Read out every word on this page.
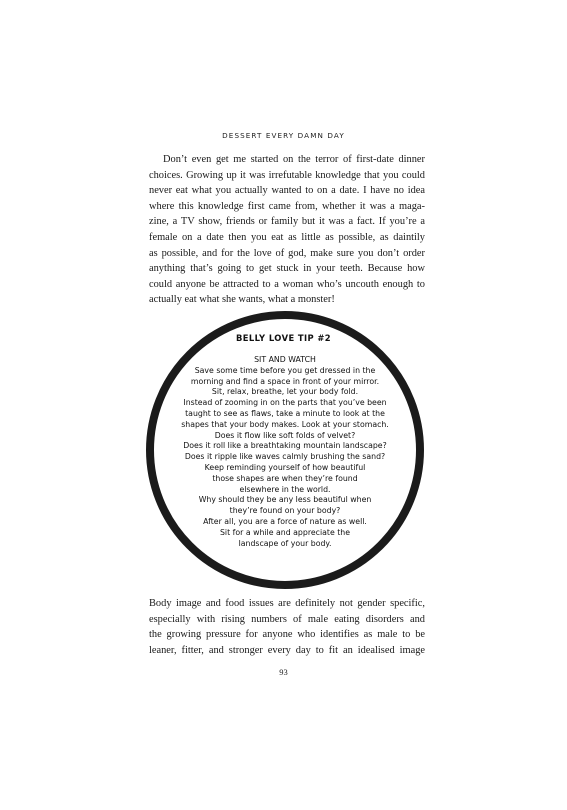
DESSERT EVERY DAMN DAY
Don’t even get me started on the terror of first-date dinner
choices. Growing up it was irrefutable knowledge that you could
never eat what you actually wanted to on a date. I have no idea
where this knowledge first came from, whether it was a maga-
zine, a TV show, friends or family but it was a fact. If you’re a
female on a date then you eat as little as possible, as daintily
as possible, and for the love of god, make sure you don’t order
anything that’s going to get stuck in your teeth. Because how
could anyone be attracted to a woman who’s uncouth enough to
actually eat what she wants, what a monster!
BELLY LOVE TIP #2
SIT AND WATCH
Save some time before you get dressed in the
morning and find a space in front of your mirror.
Sit, relax, breathe, let your body fold.
Instead of zooming in on the parts that you’ve been
taught to see as flaws, take a minute to look at the
shapes that your body makes. Look at your stomach.
Does it flow like soft folds of velvet?
Does it roll like a breathtaking mountain landscape?
Does it ripple like waves calmly brushing the sand?
Keep reminding yourself of how beautiful
those shapes are when they’re found
elsewhere in the world.
Why should they be any less beautiful when
they’re found on your body?
After all, you are a force of nature as well.
Sit for a while and appreciate the
landscape of your body.
Body image and food issues are definitely not gender specific,
especially with rising numbers of male eating disorders and
the growing pressure for anyone who identifies as male to be
leaner, fitter, and stronger every day to fit an idealised image
93
